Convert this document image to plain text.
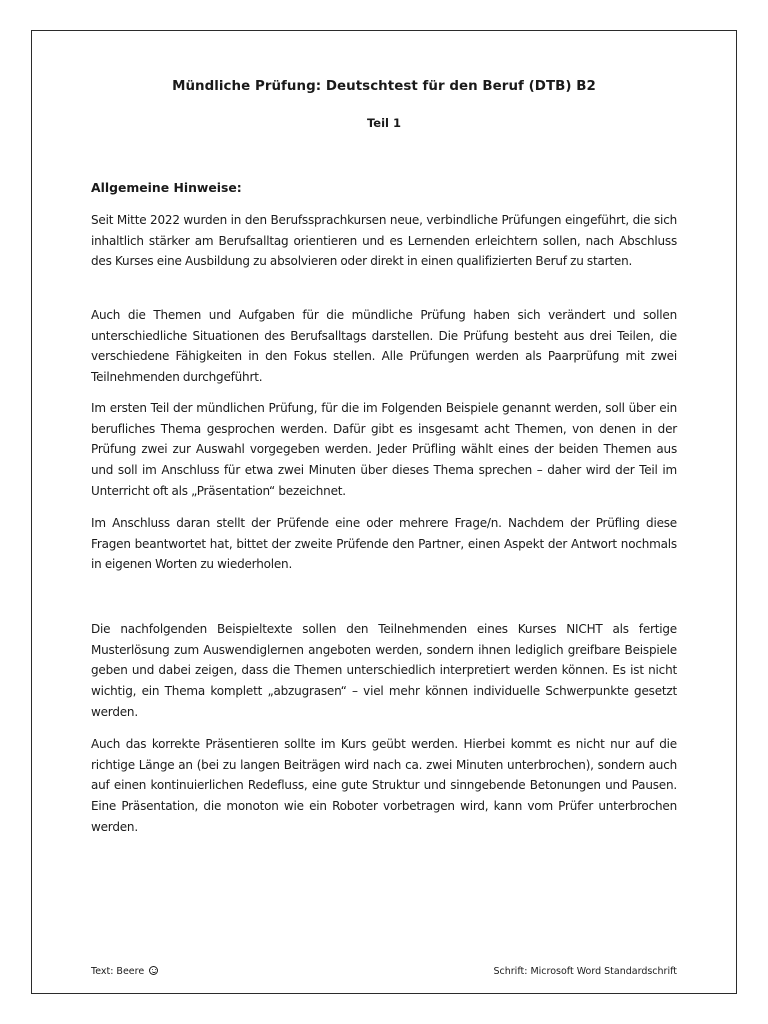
Mündliche Prüfung: Deutschtest für den Beruf (DTB) B2
Teil 1
Allgemeine Hinweise:
Seit Mitte 2022 wurden in den Berufssprachkursen neue, verbindliche Prüfungen eingeführt, die sich inhaltlich stärker am Berufsalltag orientieren und es Lernenden erleichtern sollen, nach Abschluss des Kurses eine Ausbildung zu absolvieren oder direkt in einen qualifizierten Beruf zu starten.
Auch die Themen und Aufgaben für die mündliche Prüfung haben sich verändert und sollen unterschiedliche Situationen des Berufsalltags darstellen. Die Prüfung besteht aus drei Teilen, die verschiedene Fähigkeiten in den Fokus stellen. Alle Prüfungen werden als Paarprüfung mit zwei Teilnehmenden durchgeführt.
Im ersten Teil der mündlichen Prüfung, für die im Folgenden Beispiele genannt werden, soll über ein berufliches Thema gesprochen werden. Dafür gibt es insgesamt acht Themen, von denen in der Prüfung zwei zur Auswahl vorgegeben werden. Jeder Prüfling wählt eines der beiden Themen aus und soll im Anschluss für etwa zwei Minuten über dieses Thema sprechen – daher wird der Teil im Unterricht oft als „Präsentation“ bezeichnet.
Im Anschluss daran stellt der Prüfende eine oder mehrere Frage/n. Nachdem der Prüfling diese Fragen beantwortet hat, bittet der zweite Prüfende den Partner, einen Aspekt der Antwort nochmals in eigenen Worten zu wiederholen.
Die nachfolgenden Beispieltexte sollen den Teilnehmenden eines Kurses NICHT als fertige Musterlösung zum Auswendiglernen angeboten werden, sondern ihnen lediglich greifbare Beispiele geben und dabei zeigen, dass die Themen unterschiedlich interpretiert werden können. Es ist nicht wichtig, ein Thema komplett „abzugrasen“ – viel mehr können individuelle Schwerpunkte gesetzt werden.
Auch das korrekte Präsentieren sollte im Kurs geübt werden. Hierbei kommt es nicht nur auf die richtige Länge an (bei zu langen Beiträgen wird nach ca. zwei Minuten unterbrochen), sondern auch auf einen kontinuierlichen Redefluss, eine gute Struktur und sinngebende Betonungen und Pausen. Eine Präsentation, die monoton wie ein Roboter vorbetragen wird, kann vom Prüfer unterbrochen werden.
Text: Beere	Schrift: Microsoft Word Standardschrift
